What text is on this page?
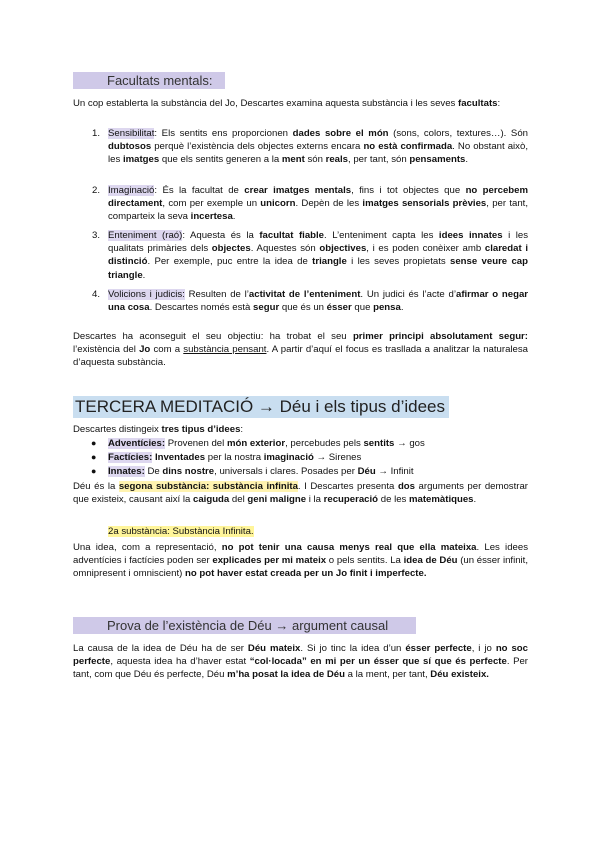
Facultats mentals:
Un cop establerta la substància del Jo, Descartes examina aquesta substància i les seves facultats:
1. Sensibilitat: Els sentits ens proporcionen dades sobre el món (sons, colors, textures…). Són dubtosos perquè l’existència dels objectes externs encara no està confirmada. No obstant això, les imatges que els sentits generen a la ment són reals, per tant, són pensaments.
2. Imaginació: És la facultat de crear imatges mentals, fins i tot objectes que no percebem directament, com per exemple un unicorn. Depèn de les imatges sensorials prèvies, per tant, comparteix la seva incertesa.
3. Enteniment (raó): Aquesta és la facultat fiable. L’enteniment capta les idees innates i les qualitats primàries dels objectes. Aquestes són objectives, i es poden conèixer amb claredat i distinció. Per exemple, puc entre la idea de triangle i les seves propietats sense veure cap triangle.
4. Volicions i judicis: Resulten de l’activitat de l’enteniment. Un judici és l’acte d’afirmar o negar una cosa. Descartes només està segur que és un ésser que pensa.
Descartes ha aconseguit el seu objectiu: ha trobat el seu primer principi absolutament segur: l’existència del Jo com a substància pensant. A partir d’aquí el focus es trasllada a analitzar la naturalesa d’aquesta substància.
TERCERA MEDITACIÓ → Déu i els tipus d’idees
Descartes distingeix tres tipus d’idees:
● Adventícies: Provenen del món exterior, percebudes pels sentits → gos
● Factícies: Inventades per la nostra imaginació → Sirenes
● Innates: De dins nostre, universals i clares. Posades per Déu → Infinit
Déu és la segona substància: substància infinita. I Descartes presenta dos arguments per demostrar que existeix, causant així la caiguda del geni maligne i la recuperació de les matemàtiques.
2a substància: Substància Infinita.
Una idea, com a representació, no pot tenir una causa menys real que ella mateixa. Les idees adventícies i factícies poden ser explicades per mi mateix o pels sentits. La idea de Déu (un ésser infinit, omnipresent i omniscient) no pot haver estat creada per un Jo finit i imperfecte.
Prova de l’existència de Déu → argument causal
La causa de la idea de Déu ha de ser Déu mateix. Si jo tinc la idea d’un ésser perfecte, i jo no soc perfecte, aquesta idea ha d’haver estat “col·locada” en mi per un ésser que sí que és perfecte. Per tant, com que Déu és perfecte, Déu m’ha posat la idea de Déu a la ment, per tant, Déu existeix.
